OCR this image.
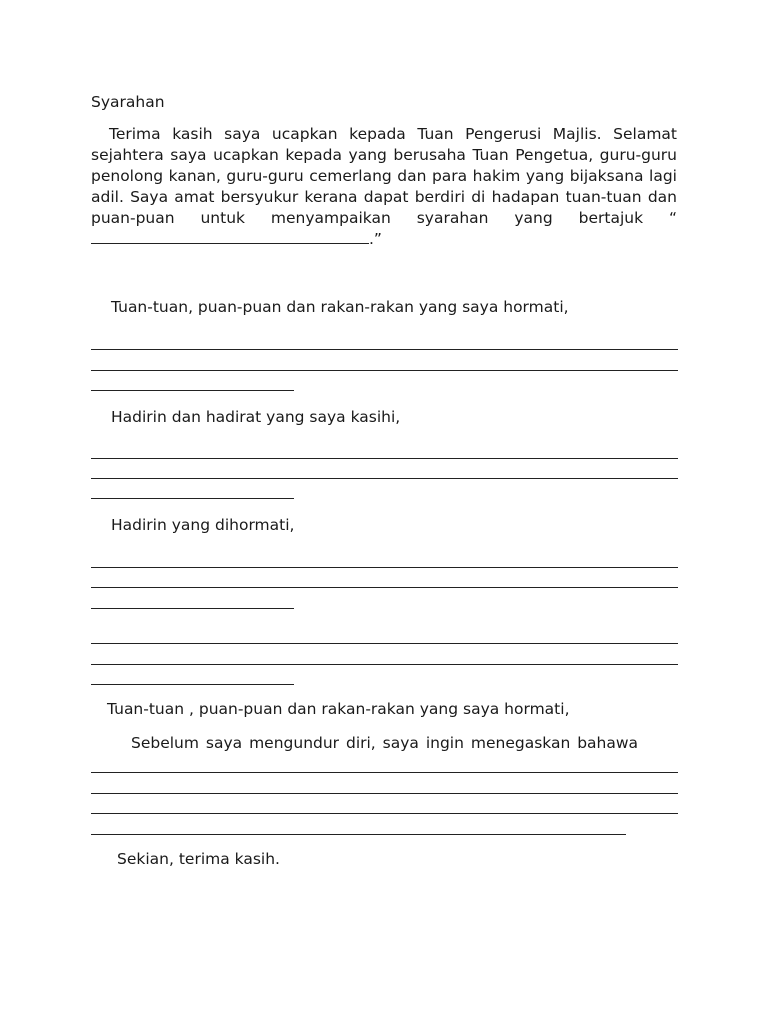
Syarahan
Terima kasih saya ucapkan kepada Tuan Pengerusi Majlis. Selamat sejahtera saya ucapkan kepada yang berusaha Tuan Pengetua, guru-guru penolong kanan, guru-guru cemerlang dan para hakim yang bijaksana lagi adil. Saya amat bersyukur kerana dapat berdiri di hadapan tuan-tuan dan puan-puan untuk menyampaikan syarahan yang bertajuk “.”
Tuan-tuan, puan-puan dan rakan-rakan yang saya hormati,
Hadirin dan hadirat yang saya kasihi,
Hadirin yang dihormati,
Tuan-tuan , puan-puan dan rakan-rakan yang saya hormati,
Sebelum saya mengundur diri, saya ingin menegaskan bahawa
Sekian, terima kasih.
